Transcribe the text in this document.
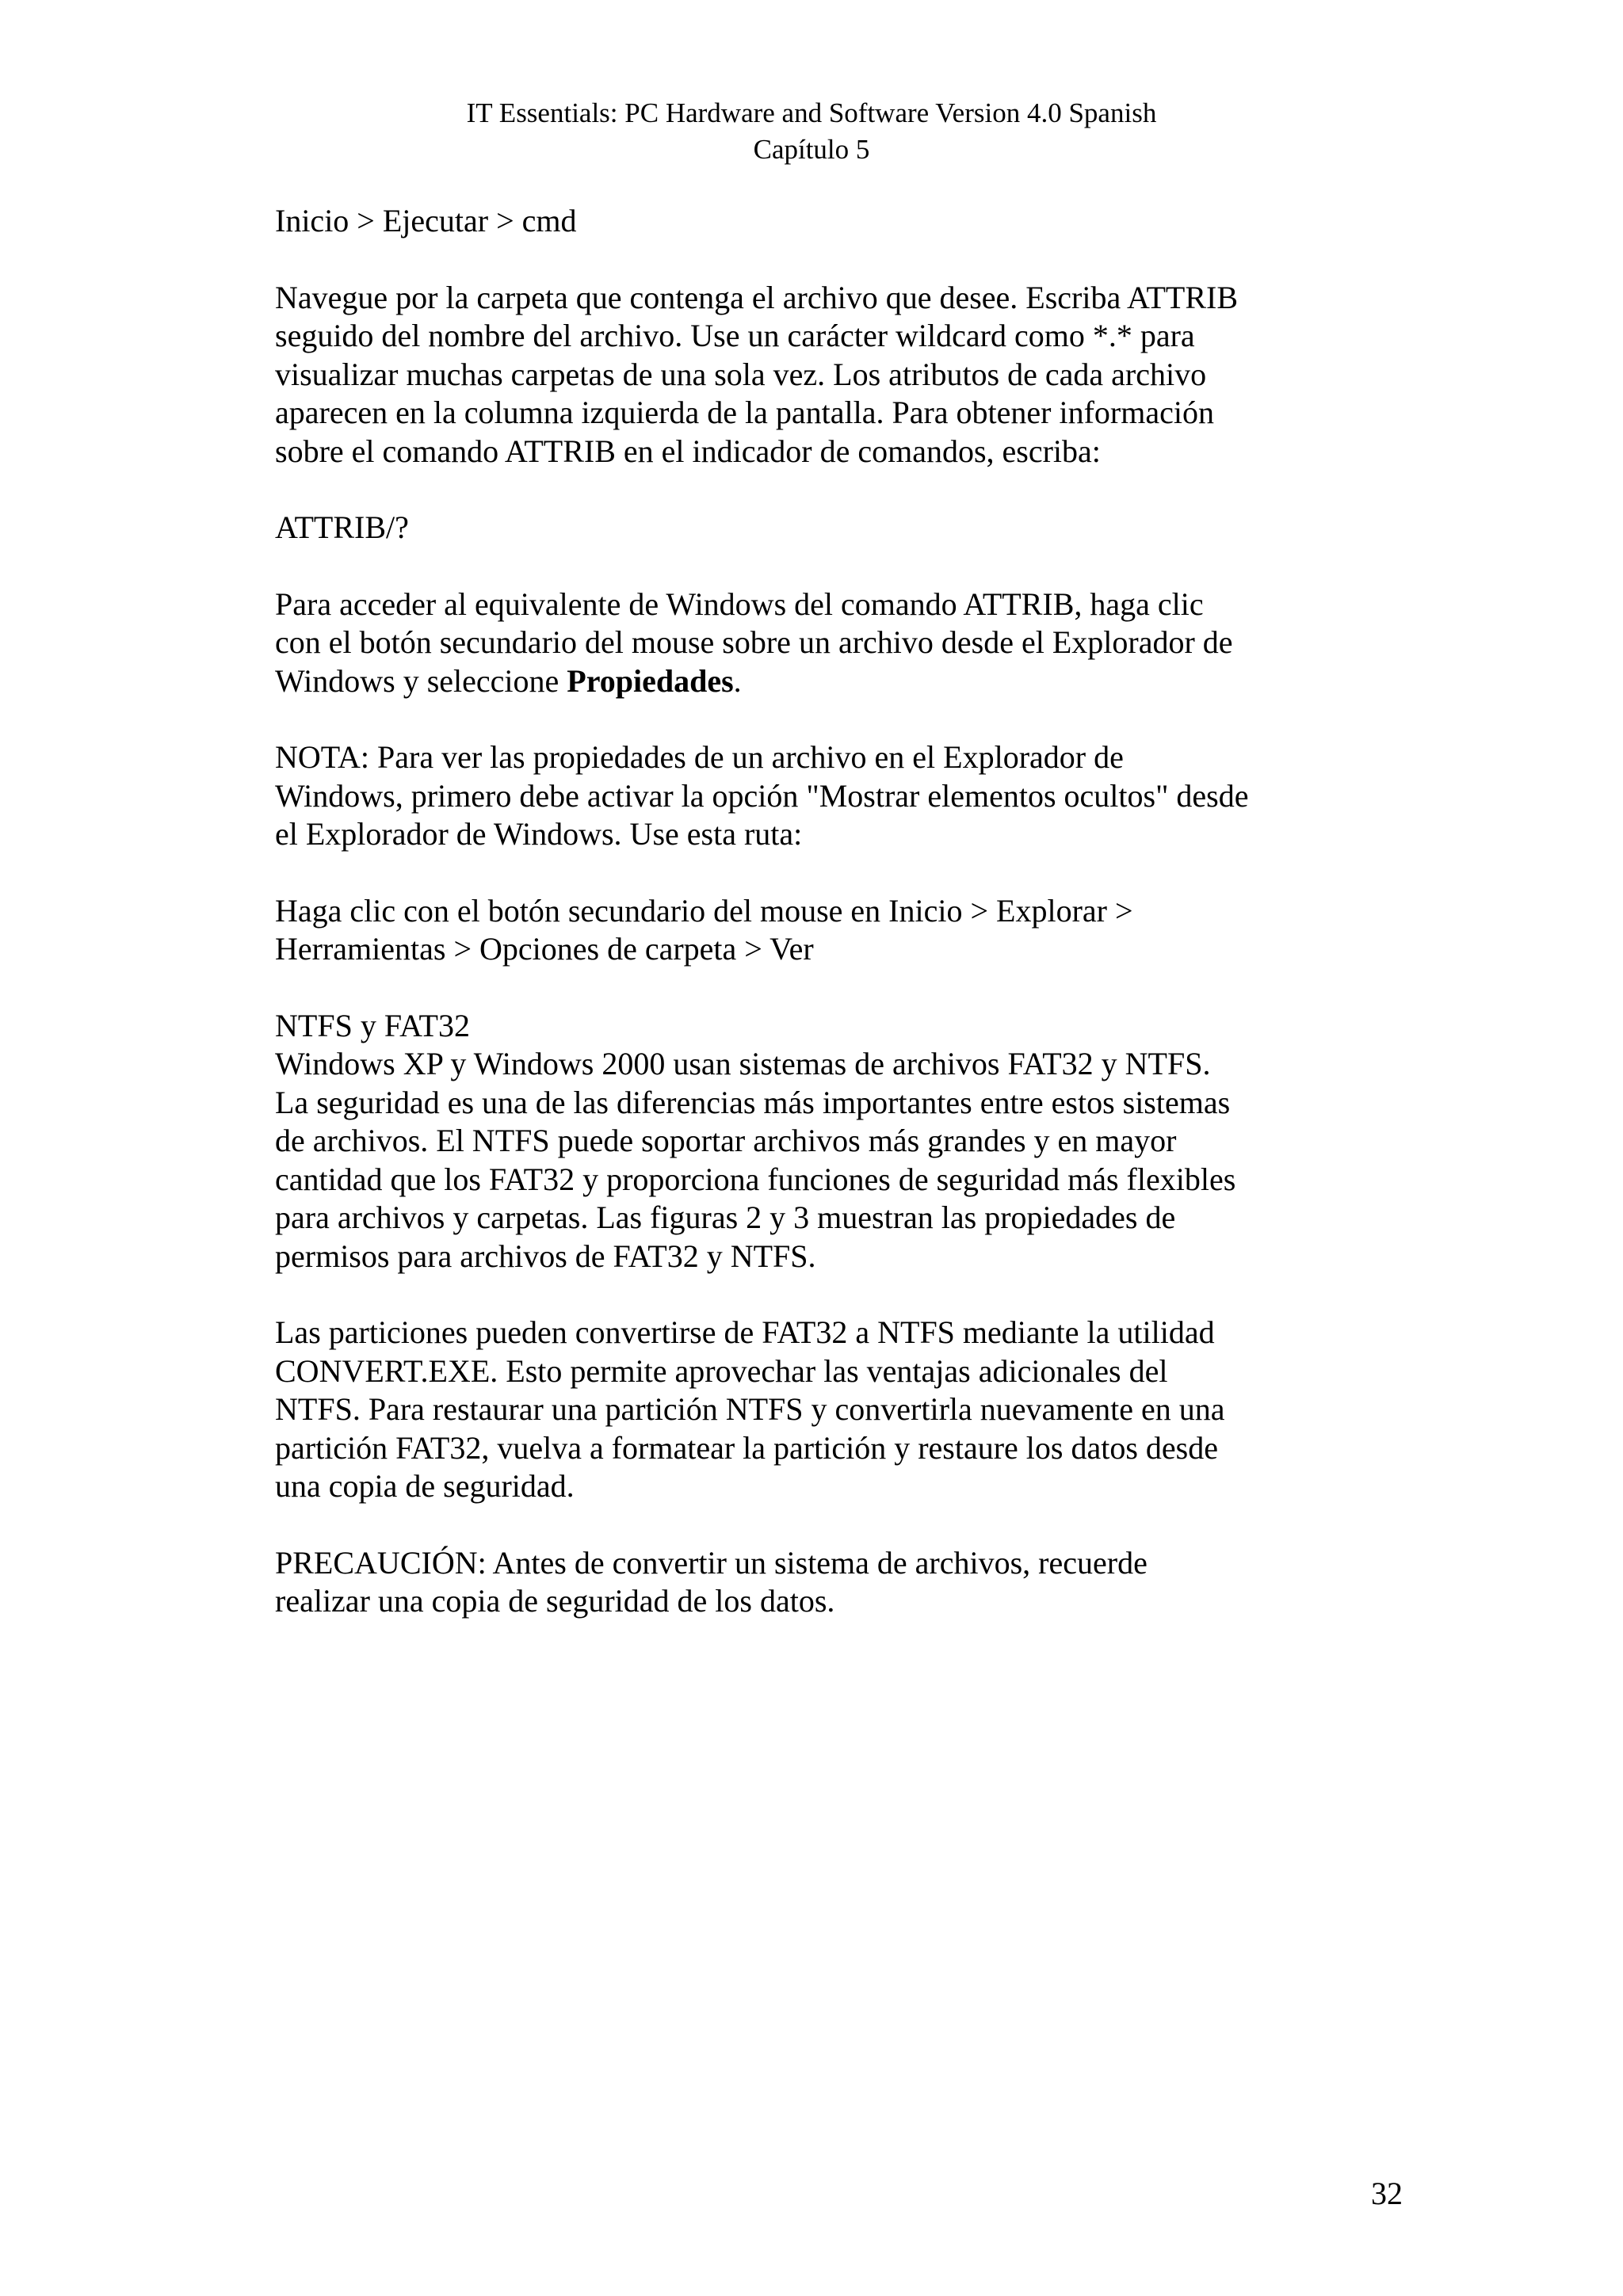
IT Essentials: PC Hardware and Software Version 4.0 Spanish
Capítulo 5
Inicio > Ejecutar > cmd
Navegue por la carpeta que contenga el archivo que desee. Escriba ATTRIB
seguido del nombre del archivo. Use un carácter wildcard como *.* para
visualizar muchas carpetas de una sola vez. Los atributos de cada archivo
aparecen en la columna izquierda de la pantalla. Para obtener información
sobre el comando ATTRIB en el indicador de comandos, escriba:
ATTRIB/?
Para acceder al equivalente de Windows del comando ATTRIB, haga clic
con el botón secundario del mouse sobre un archivo desde el Explorador de
Windows y seleccione Propiedades.
NOTA: Para ver las propiedades de un archivo en el Explorador de
Windows, primero debe activar la opción "Mostrar elementos ocultos" desde
el Explorador de Windows. Use esta ruta:
Haga clic con el botón secundario del mouse en Inicio > Explorar >
Herramientas > Opciones de carpeta > Ver
NTFS y FAT32
Windows XP y Windows 2000 usan sistemas de archivos FAT32 y NTFS.
La seguridad es una de las diferencias más importantes entre estos sistemas
de archivos. El NTFS puede soportar archivos más grandes y en mayor
cantidad que los FAT32 y proporciona funciones de seguridad más flexibles
para archivos y carpetas. Las figuras 2 y 3 muestran las propiedades de
permisos para archivos de FAT32 y NTFS.
Las particiones pueden convertirse de FAT32 a NTFS mediante la utilidad
CONVERT.EXE. Esto permite aprovechar las ventajas adicionales del
NTFS. Para restaurar una partición NTFS y convertirla nuevamente en una
partición FAT32, vuelva a formatear la partición y restaure los datos desde
una copia de seguridad.
PRECAUCIÓN: Antes de convertir un sistema de archivos, recuerde
realizar una copia de seguridad de los datos.
32
